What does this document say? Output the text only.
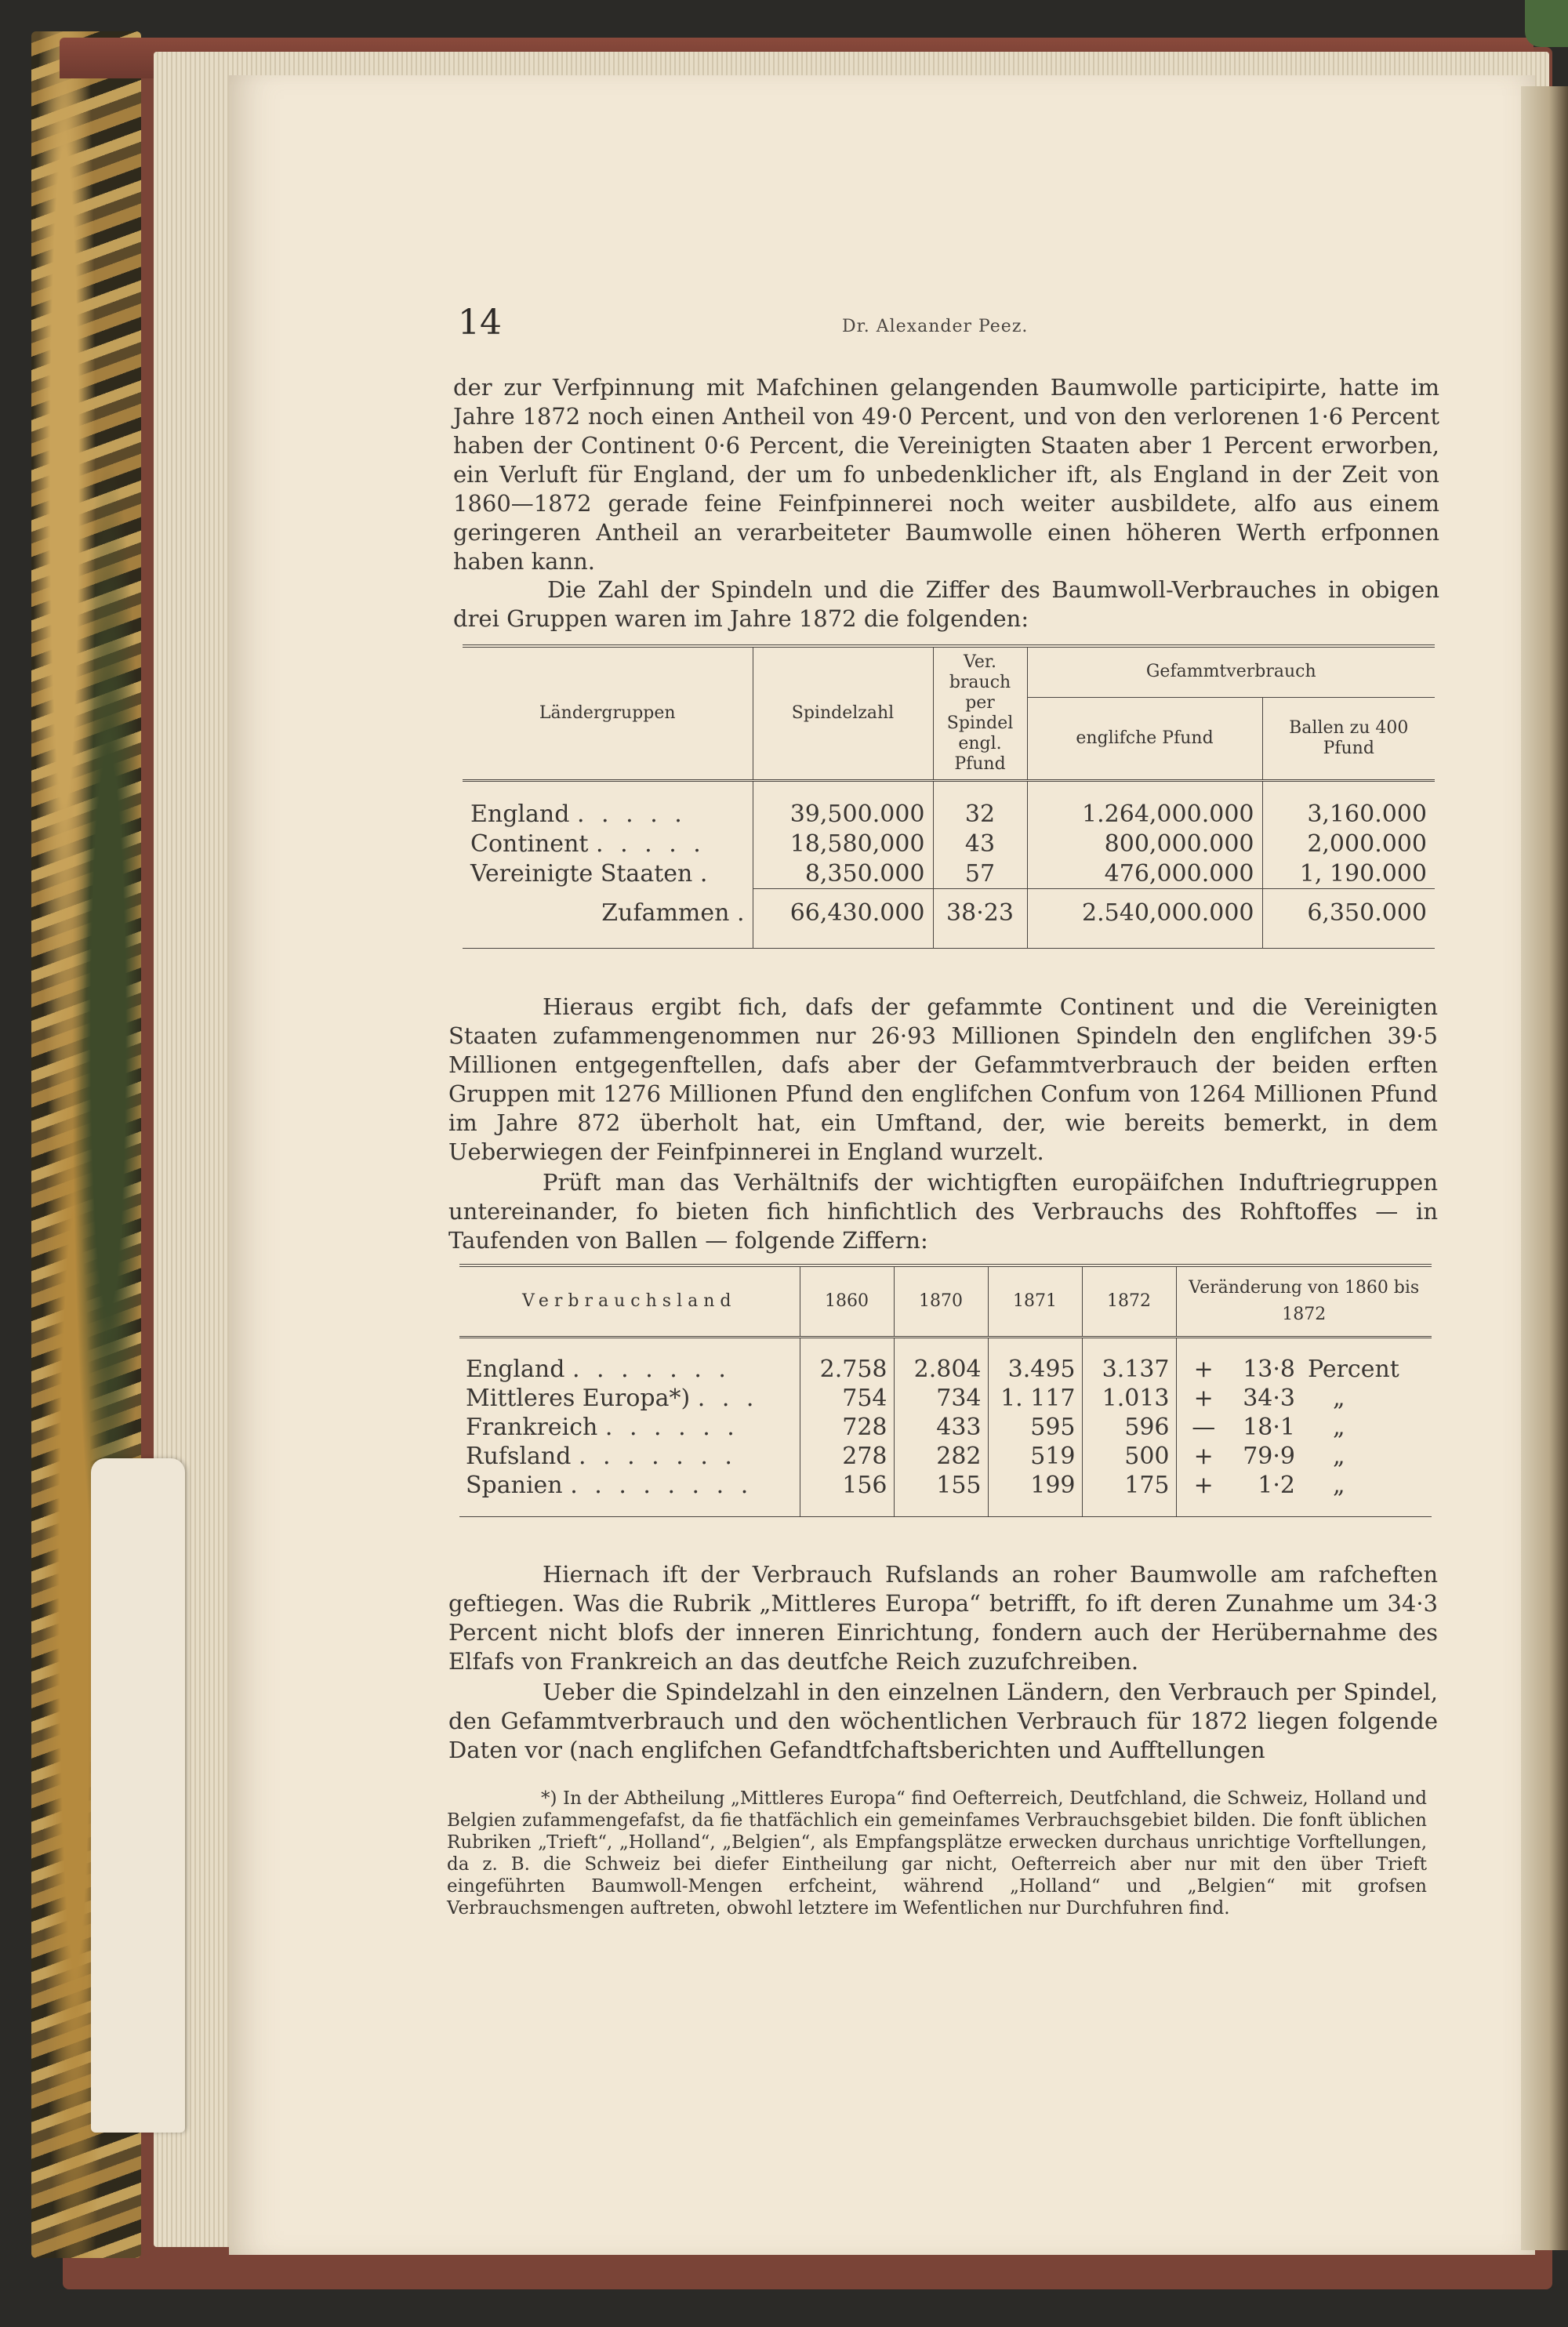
14	Dr. Alexander Peez.

der zur Verfpinnung mit Mafchinen gelangenden Baumwolle participirte, hatte im Jahre 1872 noch einen Antheil von 49·0 Percent, und von den verlorenen 1·6 Percent haben der Continent 0·6 Percent, die Vereinigten Staaten aber 1 Percent erworben, ein Verluft für England, der um fo unbedenklicher ift, als England in der Zeit von 1860—1872 gerade feine Feinfpinnerei noch weiter ausbildete, alfo aus einem geringeren Antheil an verarbeiteter Baumwolle einen höheren Werth erfponnen haben kann.

Die Zahl der Spindeln und die Ziffer des Baumwoll-Verbrauches in obigen drei Gruppen waren im Jahre 1872 die folgenden:

Ländergruppen	Spindelzahl	Ver. brauch per Spindel engl. Pfund	Gefammtverbrauch	
			englifche Pfund	Ballen zu 400 Pfund

England . . . . .	39,500.000	32	1.264,000.000	3,160.000
Continent . . . . .	18,580,000	43	800,000.000	2,000.000
Vereinigte Staaten .	8,350.000	57	476,000.000	1, 190.000
Zufammen .	66,430.000	38·23	2.540,000.000	6,350.000

Hieraus ergibt fich, dafs der gefammte Continent und die Vereinigten Staaten zufammengenommen nur 26·93 Millionen Spindeln den englifchen 39·5 Millionen entgegenftellen, dafs aber der Gefammtverbrauch der beiden erften Gruppen mit 1276 Millionen Pfund den englifchen Confum von 1264 Millionen Pfund im Jahre 872 überholt hat, ein Umftand, der, wie bereits bemerkt, in dem Ueberwiegen der Feinfpinnerei in England wurzelt.

Prüft man das Verhältnifs der wichtigften europäifchen Induftriegruppen untereinander, fo bieten fich hinfichtlich des Verbrauchs des Rohftoffes — in Taufenden von Ballen — folgende Ziffern:

Verbrauchsland	1860	1870	1871	1872	Veränderung von 1860 bis 1872		

England . . . . . . .	2.758	2.804	3.495	3.137	+	13·8	Percent
Mittleres Europa*) . . .	754	734	1. 117	1.013	+	34·3	„
Frankreich . . . . . .	728	433	595	596	—	18·1	„
Rufsland . . . . . . .	278	282	519	500	+	79·9	„
Spanien . . . . . . . .	156	155	199	175	+	1·2	„

Hiernach ift der Verbrauch Rufslands an roher Baumwolle am rafcheften geftiegen. Was die Rubrik „Mittleres Europa“ betrifft, fo ift deren Zunahme um 34·3 Percent nicht blofs der inneren Einrichtung, fondern auch der Herübernahme des Elfafs von Frankreich an das deutfche Reich zuzufchreiben.

Ueber die Spindelzahl in den einzelnen Ländern, den Verbrauch per Spindel, den Gefammtverbrauch und den wöchentlichen Verbrauch für 1872 liegen folgende Daten vor (nach englifchen Gefandtfchaftsberichten und Aufftellungen

*) In der Abtheilung „Mittleres Europa“ find Oefterreich, Deutfchland, die Schweiz, Holland und Belgien zufammengefafst, da fie thatfächlich ein gemeinfames Verbrauchsgebiet bilden. Die fonft üblichen Rubriken „Trieft“, „Holland“, „Belgien“, als Empfangsplätze erwecken durchaus unrichtige Vorftellungen, da z. B. die Schweiz bei diefer Eintheilung gar nicht, Oefterreich aber nur mit den über Trieft eingeführten Baumwoll-Mengen erfcheint, während „Holland“ und „Belgien“ mit grofsen Verbrauchsmengen auftreten, obwohl letztere im Wefentlichen nur Durchfuhren find.
